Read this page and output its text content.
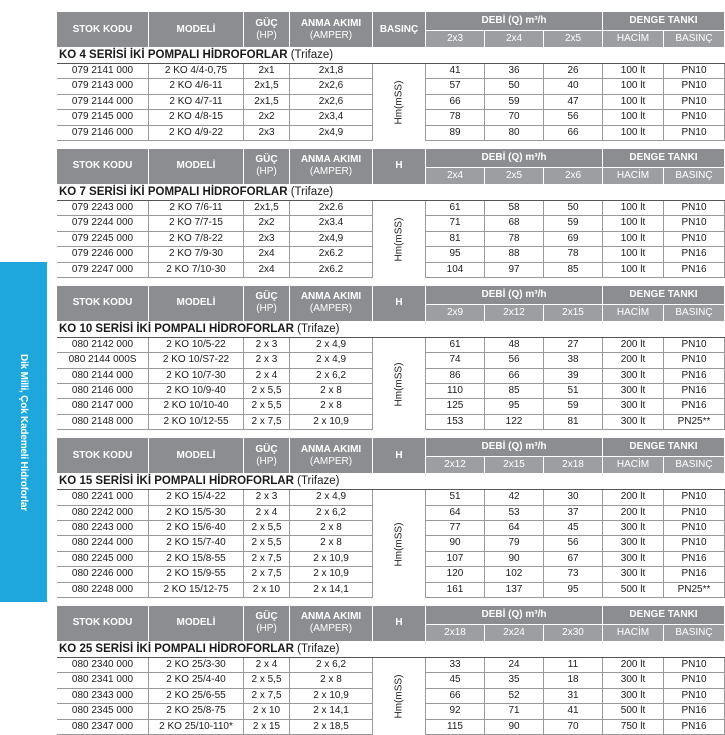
Dik Milli, Çok Kademeli Hidroforlar
STOK KODU	MODELİ
GÜÇ
(HP)
ANMA AKIMI
(AMPER)
BASINÇ
DEBİ (Q) m³/h	DENGE TANKI
2x3	2x4	2x5	HACİM	BASINÇ
KO 4 SERİSİ İKİ POMPALI HİDROFORLAR (Trifaze)
079 2141 000	2 KO 4/4-0,75	2x1	2x1,8	41	36	26	100 lt	PN10
079 2143 000	2 KO 4/6-11	2x1,5	2x2,6	57	50	40	100 lt	PN10
079 2144 000	2 KO 4/7-11	2x1,5	2x2,6	66	59	47	100 lt	PN10
079 2145 000	2 KO 4/8-15	2x2	2x3,4	78	70	56	100 lt	PN10
079 2146 000	2 KO 4/9-22	2x3	2x4,9	89	80	66	100 lt	PN10
Hm(mSS)
STOK KODU	MODELİ
GÜÇ
(HP)
ANMA AKIMI
(AMPER)
H
DEBİ (Q) m³/h	DENGE TANKI
2x4	2x5	2x6	HACİM	BASINÇ
KO 7 SERİSİ İKİ POMPALI HİDROFORLAR (Trifaze)
079 2243 000	2 KO 7/6-11	2x1,5	2x2.6	61	58	50	100 lt	PN10
079 2244 000	2 KO 7/7-15	2x2	2x3.4	71	68	59	100 lt	PN10
079 2245 000	2 KO 7/8-22	2x3	2x4,9	81	78	69	100 lt	PN10
079 2246 000	2 KO 7/9-30	2x4	2x6.2	95	88	78	100 lt	PN16
079 2247 000	2 KO 7/10-30	2x4	2x6.2	104	97	85	100 lt	PN16
Hm(mSS)
STOK KODU	MODELİ
GÜÇ
(HP)
ANMA AKIMI
(AMPER)
H
DEBİ (Q) m³/h	DENGE TANKI
2x9	2x12	2x15	HACİM	BASINÇ
KO 10 SERİSİ İKİ POMPALI HİDROFORLAR (Trifaze)
080 2142 000	2 KO 10/5-22	2 x 3	2 x 4,9	61	48	27	200 lt	PN10
080 2144 000S	2 KO 10/S7-22	2 x 3	2 x 4,9	74	56	38	200 lt	PN10
080 2144 000	2 KO 10/7-30	2 x 4	2 x 6,2	86	66	39	300 lt	PN16
080 2146 000	2 KO 10/9-40	2 x 5,5	2 x 8	110	85	51	300 lt	PN16
080 2147 000	2 KO 10/10-40	2 x 5,5	2 x 8	125	95	59	300 lt	PN16
080 2148 000	2 KO 10/12-55	2 x 7,5	2 x 10,9	153	122	81	300 lt	PN25**
Hm(mSS)
STOK KODU	MODELİ
GÜÇ
(HP)
ANMA AKIMI
(AMPER)
H
DEBİ (Q) m³/h	DENGE TANKI
2x12	2x15	2x18	HACİM	BASINÇ
KO 15 SERİSİ İKİ POMPALI HİDROFORLAR (Trifaze)
080 2241 000	2 KO 15/4-22	2 x 3	2 x 4,9	51	42	30	200 lt	PN10
080 2242 000	2 KO 15/5-30	2 x 4	2 x 6,2	64	53	37	200 lt	PN10
080 2243 000	2 KO 15/6-40	2 x 5,5	2 x 8	77	64	45	300 lt	PN10
080 2244 000	2 KO 15/7-40	2 x 5,5	2 x 8	90	79	56	300 lt	PN10
080 2245 000	2 KO 15/8-55	2 x 7,5	2 x 10,9	107	90	67	300 lt	PN16
080 2246 000	2 KO 15/9-55	2 x 7,5	2 x 10,9	120	102	73	300 lt	PN16
080 2248 000	2 KO 15/12-75	2 x 10	2 x 14,1	161	137	95	500 lt	PN25**
Hm(mSS)
STOK KODU	MODELİ
GÜÇ
(HP)
ANMA AKIMI
(AMPER)
H
DEBİ (Q) m³/h	DENGE TANKI
2x18	2x24	2x30	HACİM	BASINÇ
KO 25 SERİSİ İKİ POMPALI HİDROFORLAR (Trifaze)
080 2340 000	2 KO 25/3-30	2 x 4	2 x 6,2	33	24	11	200 lt	PN10
080 2341 000	2 KO 25/4-40	2 x 5,5	2 x 8	45	35	18	300 lt	PN10
080 2343 000	2 KO 25/6-55	2 x 7,5	2 x 10,9	66	52	31	300 lt	PN10
080 2345 000	2 KO 25/8-75	2 x 10	2 x 14,1	92	71	41	500 lt	PN16
080 2347 000	2 KO 25/10-110*	2 x 15	2 x 18,5	115	90	70	750 lt	PN16
Hm(mSS)
